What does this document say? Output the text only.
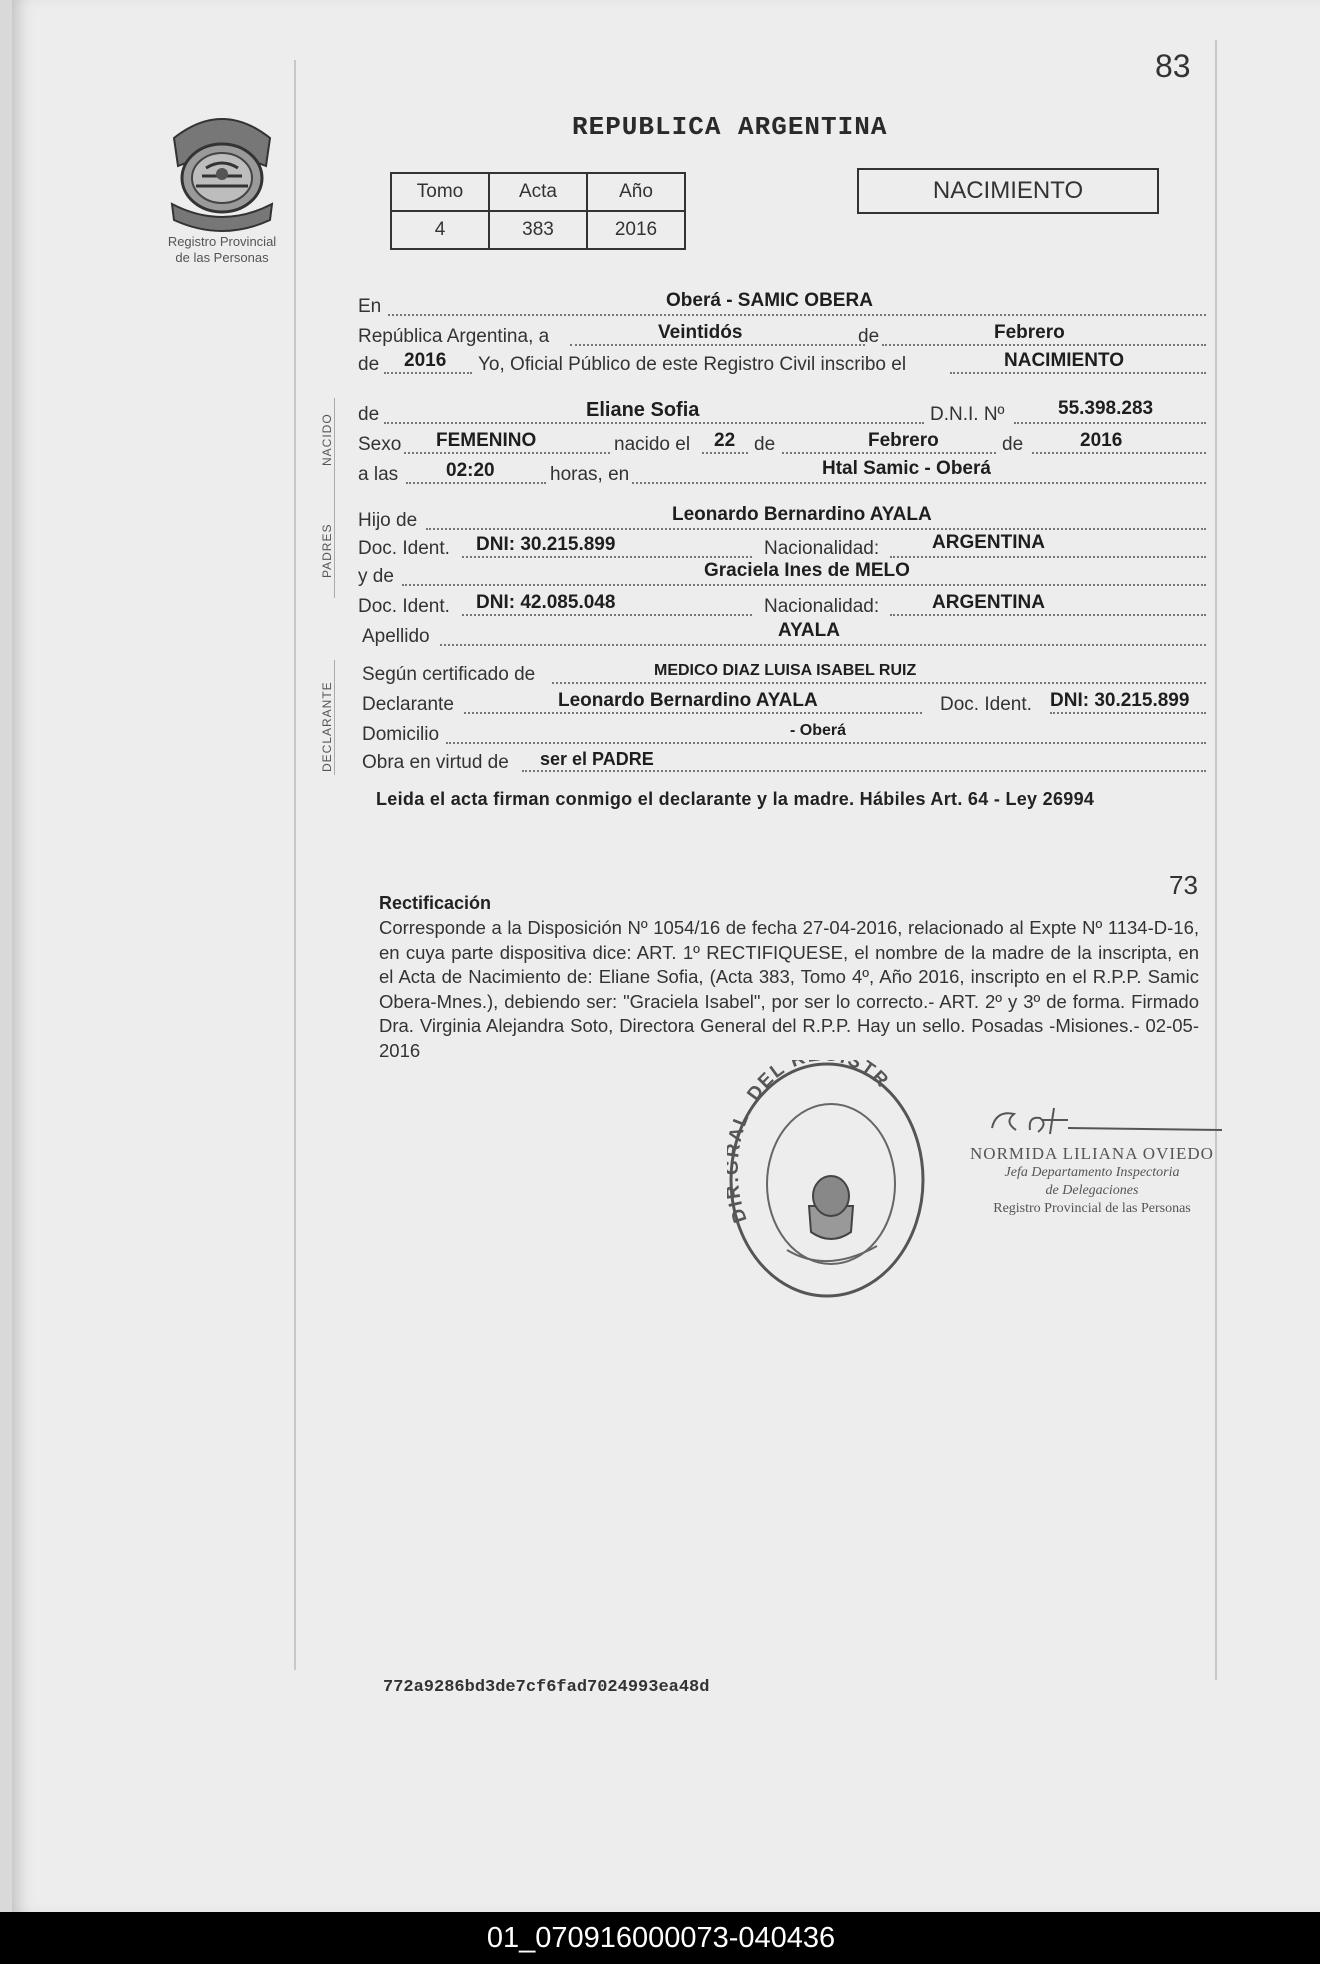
83
Registro Provincial
de las Personas
REPUBLICA ARGENTINA
Tomo	Acta	Año
4	383	2016
NACIMIENTO
NACIDO
PADRES
DECLARANTE
En	Oberá - SAMIC OBERA
República Argentina, a	Veintidós	de	Febrero
de 2016 Yo, Oficial Público de este Registro Civil inscribo el	NACIMIENTO
de	Eliane Sofia	D.N.I. Nº	55.398.283
Sexo FEMENINO	nacido el 22 de	Febrero	de	2016
a las	02:20	horas, en	Htal Samic - Oberá
Hijo de	Leonardo Bernardino AYALA
Doc. Ident. DNI: 30.215.899	Nacionalidad:	ARGENTINA
y de	Graciela Ines de MELO
Doc. Ident. DNI: 42.085.048	Nacionalidad:	ARGENTINA
Apellido	AYALA
Según certificado de	MEDICO DIAZ LUISA ISABEL RUIZ
Declarante	Leonardo Bernardino AYALA	Doc. Ident. DNI: 30.215.899
Domicilio	- Oberá
Obra en virtud de ser el PADRE
Leida el acta firman conmigo el declarante y la madre. Hábiles Art. 64 - Ley 26994
73
Rectificación
Corresponde a la Disposición Nº 1054/16 de fecha 27-04-2016, relacionado al Expte Nº 1134-D-16, en cuya parte dispositiva dice: ART. 1º RECTIFIQUESE, el nombre de la madre de la inscripta, en el Acta de Nacimiento de: Eliane Sofia, (Acta 383, Tomo 4º, Año 2016, inscripto en el R.P.P. Samic Obera-Mnes.), debiendo ser: "Graciela Isabel", por ser lo correcto.- ART. 2º y 3º de forma. Firmado Dra. Virginia Alejandra Soto, Directora General del R.P.P. Hay un sello. Posadas -Misiones.- 02-05-2016
DI AL. DEL STR
NORMIDA LILIANA OVIEDO
Jefa Departamento Inspectoria
de Delegaciones
Registro Provincial de las Personas
772a9286bd3de7cf6fad7024993ea48d
01_070916000073-040436
